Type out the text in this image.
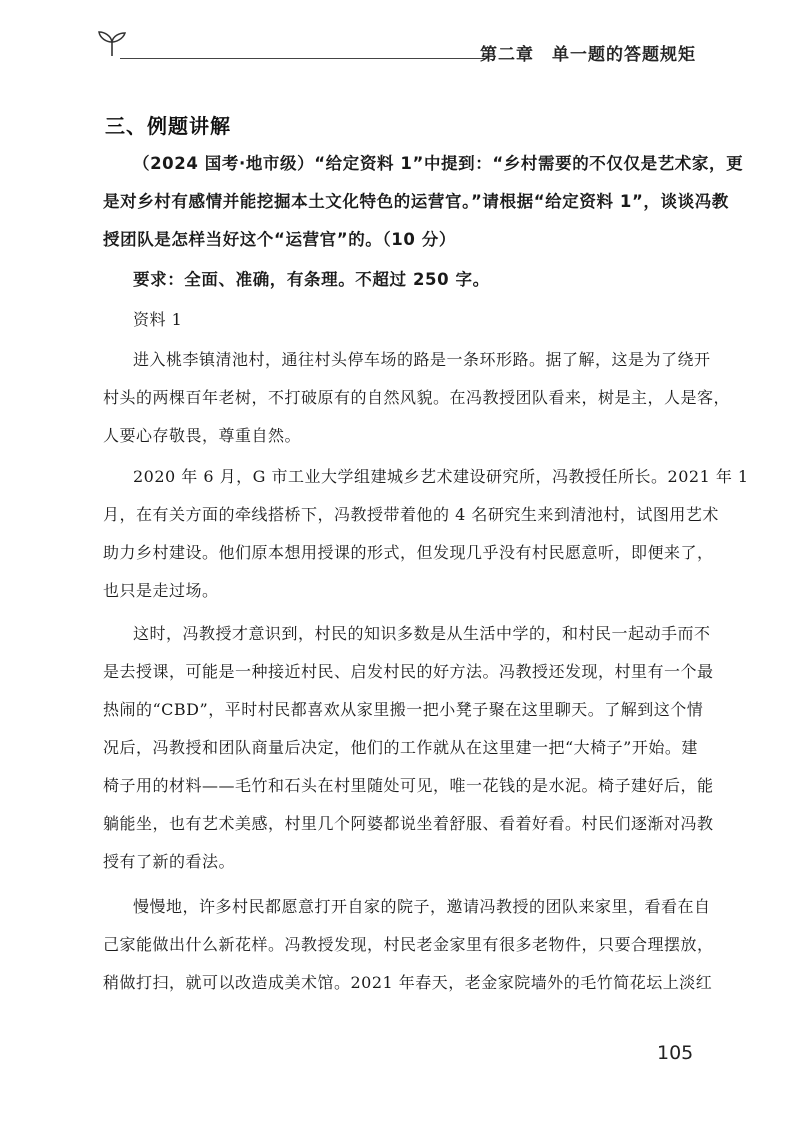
第二章　单一题的答题规矩
三、例题讲解
（2024 国考·地市级）“给定资料 1”中提到：“乡村需要的不仅仅是艺术家，更
是对乡村有感情并能挖掘本土文化特色的运营官。”请根据“给定资料 1”，谈谈冯教
授团队是怎样当好这个“运营官”的。（10 分）
要求：全面、准确，有条理。不超过 250 字。
资料 1
进入桃李镇清池村，通往村头停车场的路是一条环形路。据了解，这是为了绕开
村头的两棵百年老树，不打破原有的自然风貌。在冯教授团队看来，树是主，人是客，
人要心存敬畏，尊重自然。
2020 年 6 月，G 市工业大学组建城乡艺术建设研究所，冯教授任所长。2021 年 1
月，在有关方面的牵线搭桥下，冯教授带着他的 4 名研究生来到清池村，试图用艺术
助力乡村建设。他们原本想用授课的形式，但发现几乎没有村民愿意听，即便来了，
也只是走过场。
这时，冯教授才意识到，村民的知识多数是从生活中学的，和村民一起动手而不
是去授课，可能是一种接近村民、启发村民的好方法。冯教授还发现，村里有一个最
热闹的“CBD”，平时村民都喜欢从家里搬一把小凳子聚在这里聊天。了解到这个情
况后，冯教授和团队商量后决定，他们的工作就从在这里建一把“大椅子”开始。建
椅子用的材料——毛竹和石头在村里随处可见，唯一花钱的是水泥。椅子建好后，能
躺能坐，也有艺术美感，村里几个阿婆都说坐着舒服、看着好看。村民们逐渐对冯教
授有了新的看法。
慢慢地，许多村民都愿意打开自家的院子，邀请冯教授的团队来家里，看看在自
己家能做出什么新花样。冯教授发现，村民老金家里有很多老物件，只要合理摆放，
稍做打扫，就可以改造成美术馆。2021 年春天，老金家院墙外的毛竹简花坛上淡红
105
